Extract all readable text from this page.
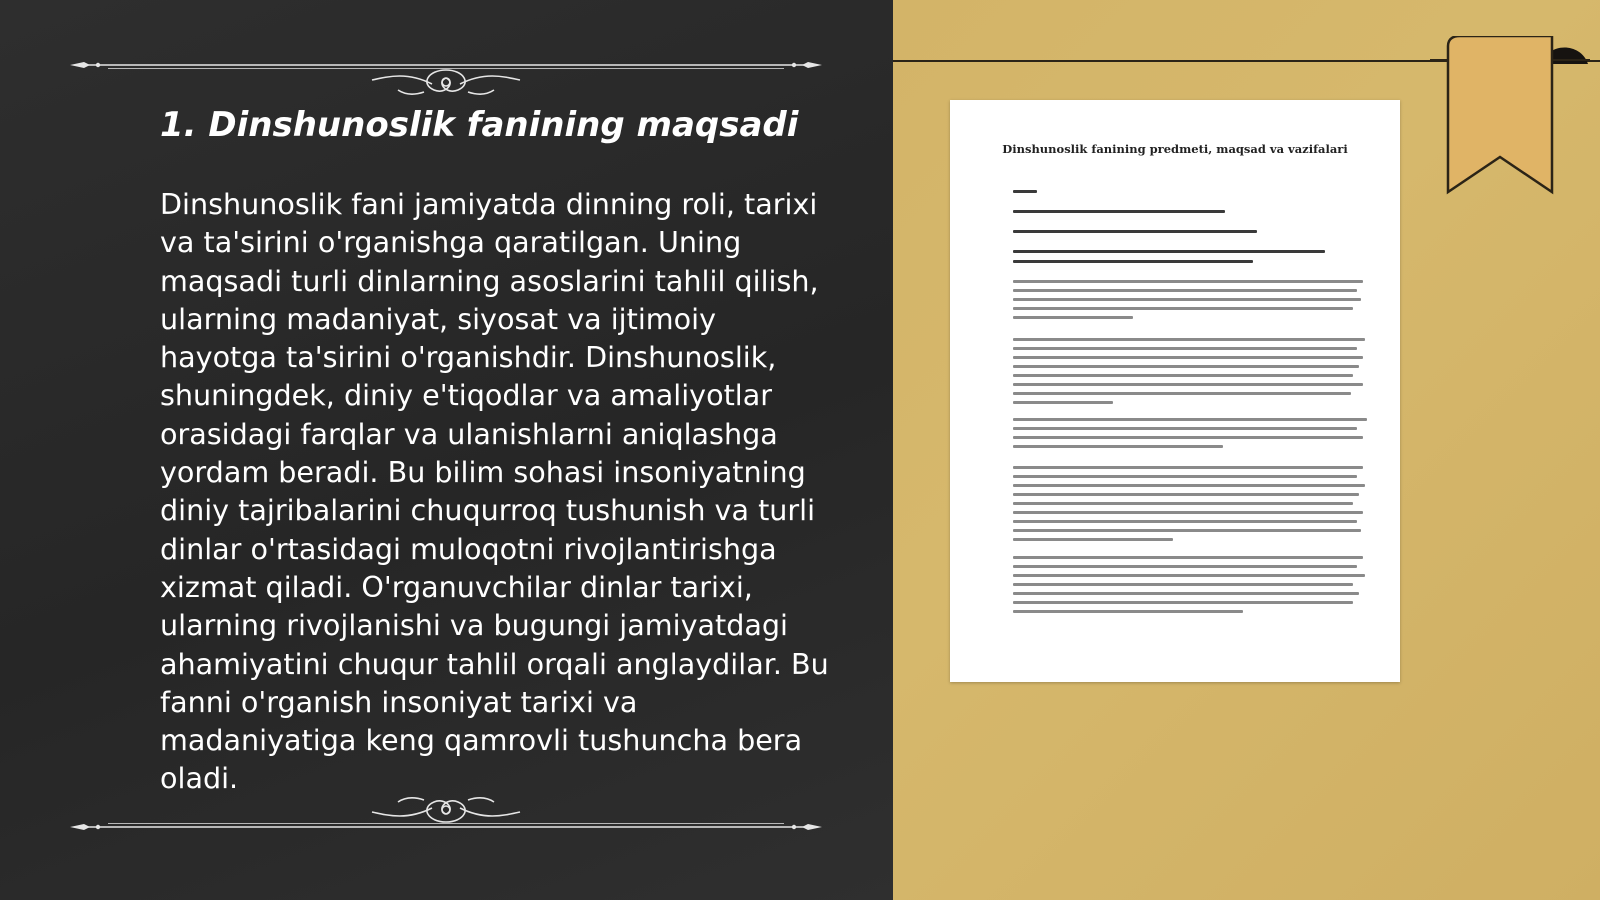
1. Dinshunoslik fanining maqsadi

Dinshunoslik fani jamiyatda dinning roli, tarixi va ta'sirini o'rganishga qaratilgan. Uning maqsadi turli dinlarning asoslarini tahlil qilish, ularning madaniyat, siyosat va ijtimoiy hayotga ta'sirini o'rganishdir. Dinshunoslik, shuningdek, diniy e'tiqodlar va amaliyotlar orasidagi farqlar va ulanishlarni aniqlashga yordam beradi. Bu bilim sohasi insoniyatning diniy tajribalarini chuqurroq tushunish va turli dinlar o'rtasidagi muloqotni rivojlantirishga xizmat qiladi. O'rganuvchilar dinlar tarixi, ularning rivojlanishi va bugungi jamiyatdagi ahamiyatini chuqur tahlil orqali anglaydilar. Bu fanni o'rganish insoniyat tarixi va madaniyatiga keng qamrovli tushuncha bera oladi.

Dinshunoslik fanining predmeti, maqsad va vazifalari
